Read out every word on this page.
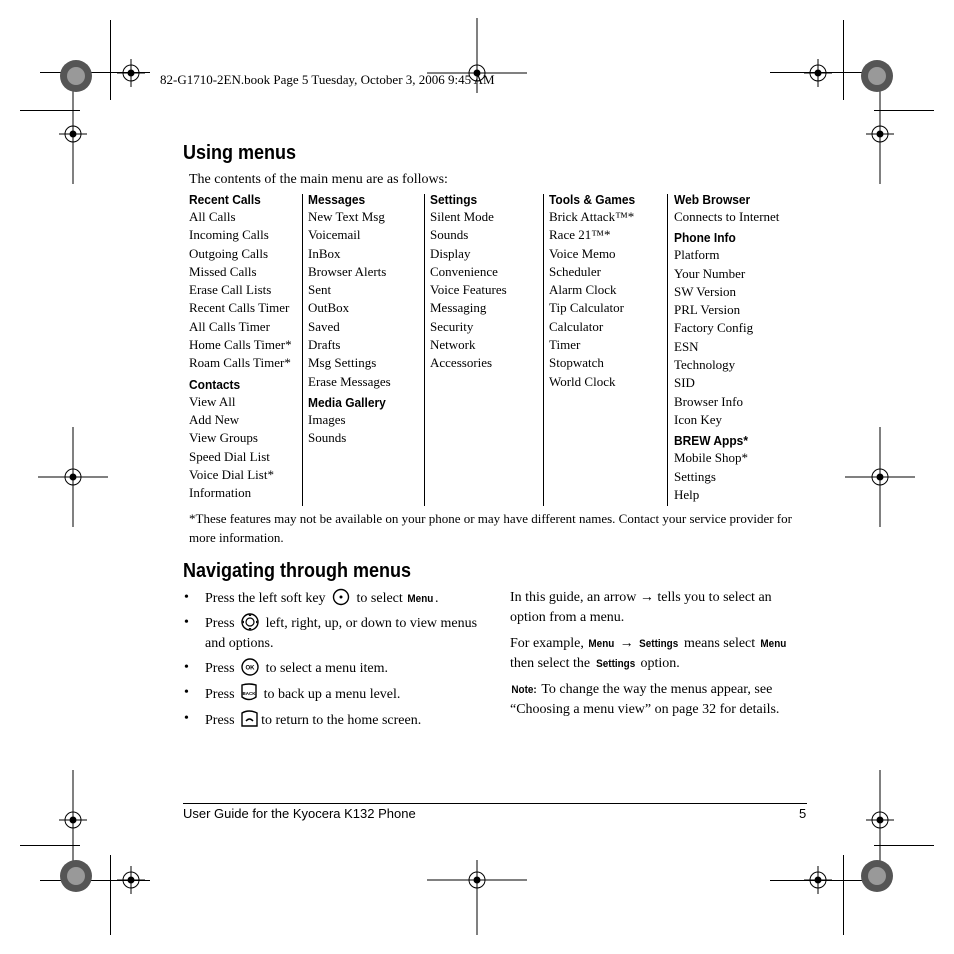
82-G1710-2EN.book Page 5 Tuesday, October 3, 2006 9:45 AM
Using menus
The contents of the main menu are as follows:
Recent Calls
All Calls
Incoming Calls
Outgoing Calls
Missed Calls
Erase Call Lists
Recent Calls Timer
All Calls Timer
Home Calls Timer*
Roam Calls Timer*
Contacts
View All
Add New
View Groups
Speed Dial List
Voice Dial List*
Information
Messages
New Text Msg
Voicemail
InBox
Browser Alerts
Sent
OutBox
Saved
Drafts
Msg Settings
Erase Messages
Media Gallery
Images
Sounds
Settings
Silent Mode
Sounds
Display
Convenience
Voice Features
Messaging
Security
Network
Accessories
Tools & Games
Brick Attack™*
Race 21™*
Voice Memo
Scheduler
Alarm Clock
Tip Calculator
Calculator
Timer
Stopwatch
World Clock
Web Browser
Connects to Internet
Phone Info
Platform
Your Number
SW Version
PRL Version
Factory Config
ESN
Technology
SID
Browser Info
Icon Key
BREW Apps*
Mobile Shop*
Settings
Help
*These features may not be available on your phone or may have different names. Contact your service provider for more information.
Navigating through menus
• Press the left soft key to select Menu.
• Press left, right, up, or down to view menus and options.
• Press OK to select a menu item.
• Press BACK to back up a menu level.
• Press to return to the home screen.

In this guide, an arrow → tells you to select an option from a menu.

For example, Menu → Settings means select Menu then select the Settings option.

Note: To change the way the menus appear, see “Choosing a menu view” on page 32 for details.

User Guide for the Kyocera K132 Phone	5
